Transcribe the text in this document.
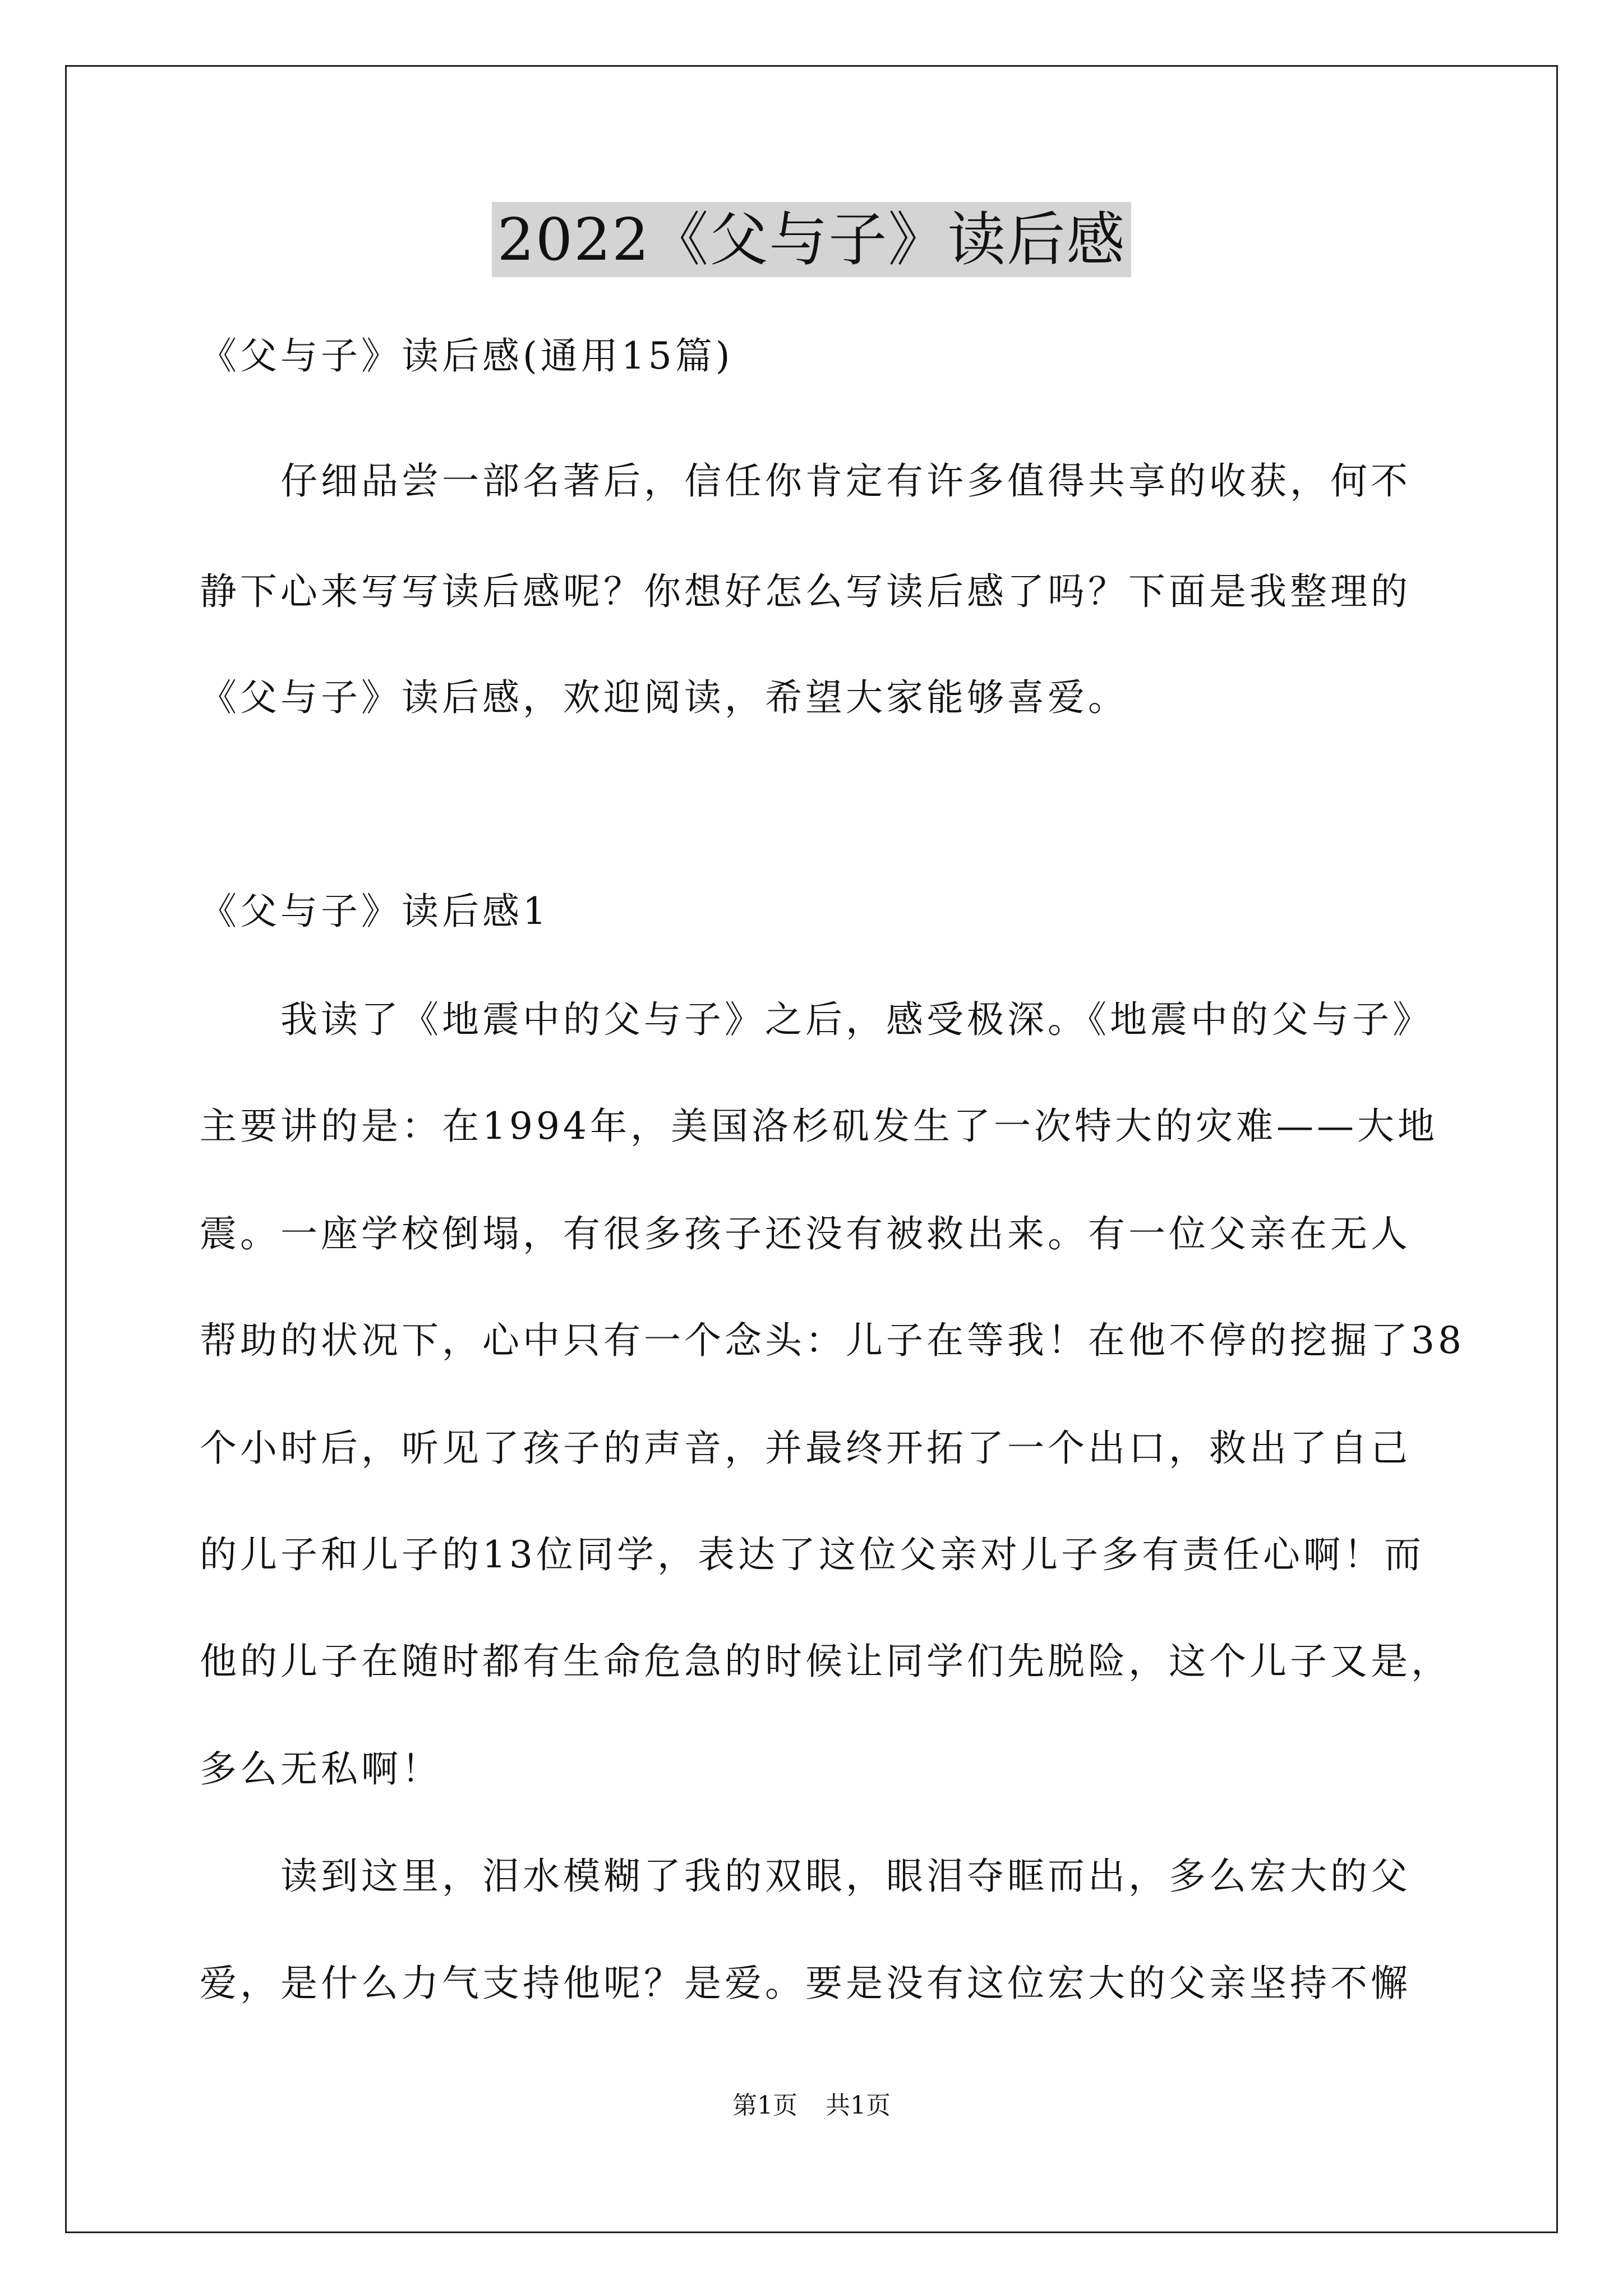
2022《父与子》读后感
《父与子》读后感(通用15篇)
仔细品尝一部名著后，信任你肯定有许多值得共享的收获，何不
静下心来写写读后感呢？你想好怎么写读后感了吗？下面是我整理的
《父与子》读后感，欢迎阅读，希望大家能够喜爱。
《父与子》读后感1
我读了《地震中的父与子》之后，感受极深。《地震中的父与子》
主要讲的是：在1994年，美国洛杉矶发生了一次特大的灾难——大地
震。一座学校倒塌，有很多孩子还没有被救出来。有一位父亲在无人
帮助的状况下，心中只有一个念头：儿子在等我！在他不停的挖掘了38
个小时后，听见了孩子的声音，并最终开拓了一个出口，救出了自己
的儿子和儿子的13位同学，表达了这位父亲对儿子多有责任心啊！而
他的儿子在随时都有生命危急的时候让同学们先脱险，这个儿子又是，
多么无私啊！
读到这里，泪水模糊了我的双眼，眼泪夺眶而出，多么宏大的父
爱，是什么力气支持他呢？是爱。要是没有这位宏大的父亲坚持不懈
第1页 共1页
